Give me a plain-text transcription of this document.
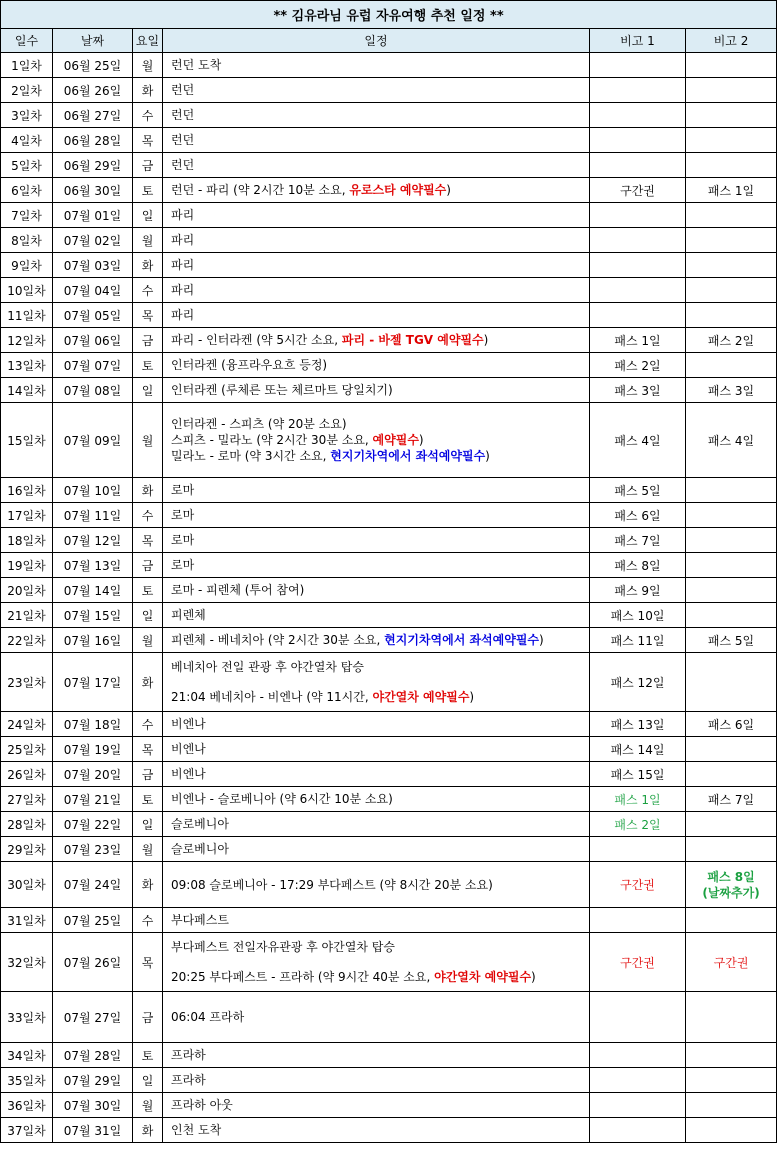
** 김유라님 유럽 자유여행 추천 일정 **					
일수	날짜	요일	일정	비고 1	비고 2
1일차	06월 25일	월	런던 도착		

2일차	06월 26일	화	런던		

3일차	06월 27일	수	런던		

4일차	06월 28일	목	런던		

5일차	06월 29일	금	런던		

6일차	06월 30일	토	런던 - 파리 (약 2시간 10분 소요, 유로스타 예약필수)	구간권	패스 1일
7일차	07월 01일	일	파리		

8일차	07월 02일	월	파리		

9일차	07월 03일	화	파리		

10일차	07월 04일	수	파리		

11일차	07월 05일	목	파리		

12일차	07월 06일	금	파리 - 인터라켄 (약 5시간 소요, 파리 - 바젤 TGV 예약필수)	패스 1일	패스 2일
13일차	07월 07일	토	인터라켄 (융프라우요흐 등정)	패스 2일	
14일차	07월 08일	일	인터라켄 (루체른 또는 체르마트 당일치기)	패스 3일	패스 3일
15일차	07월 09일	월	인터라켄 - 스피츠 (약 20분 소요)
스피츠 - 밀라노 (약 2시간 30분 소요, 예약필수)
밀라노 - 로마 (약 3시간 소요, 현지기차역에서 좌석예약필수)	패스 4일	패스 4일
16일차	07월 10일	화	로마	패스 5일	
17일차	07월 11일	수	로마	패스 6일	
18일차	07월 12일	목	로마	패스 7일	
19일차	07월 13일	금	로마	패스 8일	
20일차	07월 14일	토	로마 - 피렌체 (투어 참여)	패스 9일	
21일차	07월 15일	일	피렌체	패스 10일	
22일차	07월 16일	월	피렌체 - 베네치아 (약 2시간 30분 소요, 현지기차역에서 좌석예약필수)	패스 11일	패스 5일
23일차	07월 17일	화	베네치아 전일 관광 후 야간열차 탑승
21:04 베네치아 - 비엔나 (약 11시간, 야간열차 예약필수)	패스 12일	
24일차	07월 18일	수	비엔나	패스 13일	패스 6일
25일차	07월 19일	목	비엔나	패스 14일	
26일차	07월 20일	금	비엔나	패스 15일	
27일차	07월 21일	토	비엔나 - 슬로베니아 (약 6시간 10분 소요)	패스 1일	패스 7일
28일차	07월 22일	일	슬로베니아	패스 2일	
29일차	07월 23일	월	슬로베니아		

30일차	07월 24일	화	09:08 슬로베니아 - 17:29 부다페스트 (약 8시간 20분 소요)	구간권	패스 8일
(날짜추가)

31일차	07월 25일	수	부다페스트		

32일차	07월 26일	목	부다페스트 전일자유관광 후 야간열차 탑승
20:25 부다페스트 - 프라하 (약 9시간 40분 소요, 야간열차 예약필수)	구간권	구간권
33일차	07월 27일	금	06:04 프라하		

34일차	07월 28일	토	프라하		

35일차	07월 29일	일	프라하		

36일차	07월 30일	월	프라하 아웃		

37일차	07월 31일	화	인천 도착		
